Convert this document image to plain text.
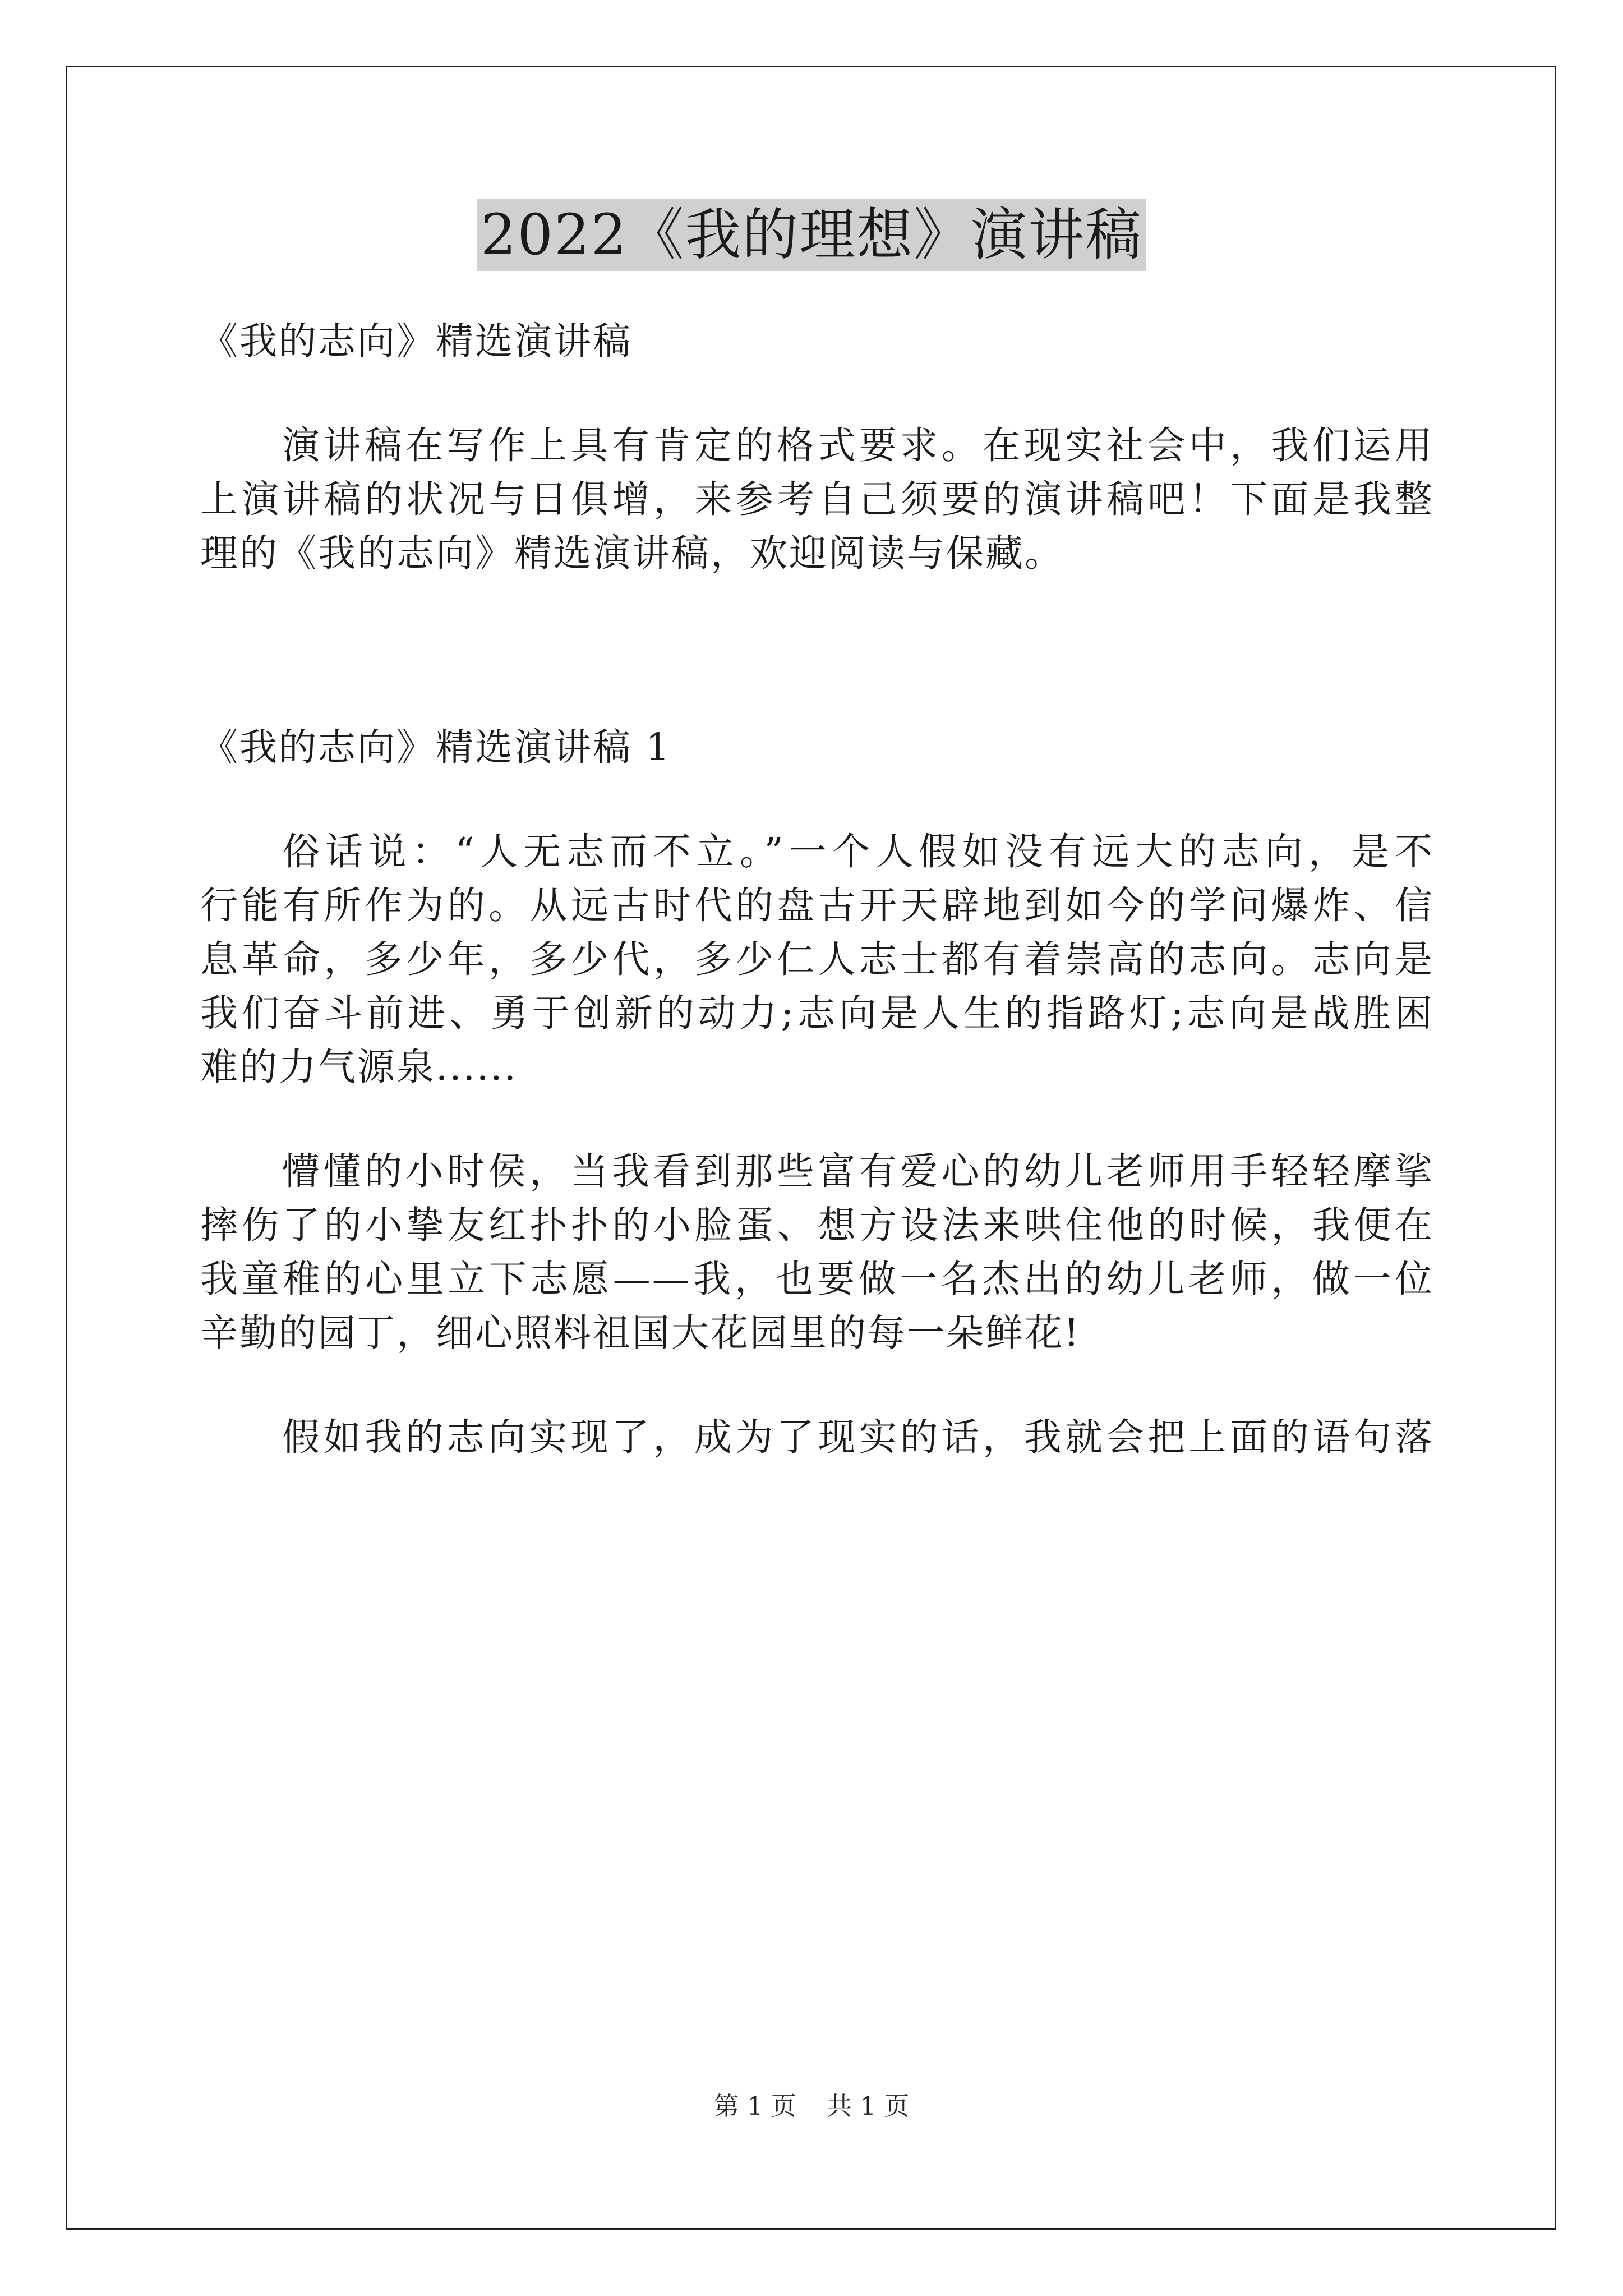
2022《我的理想》演讲稿
《我的志向》精选演讲稿
演讲稿在写作上具有肯定的格式要求。在现实社会中，我们运用
上演讲稿的状况与日俱增，来参考自己须要的演讲稿吧！下面是我整
理的《我的志向》精选演讲稿，欢迎阅读与保藏。
《我的志向》精选演讲稿 1
俗话说：“人无志而不立。”一个人假如没有远大的志向，是不
行能有所作为的。从远古时代的盘古开天辟地到如今的学问爆炸、信
息革命，多少年，多少代，多少仁人志士都有着崇高的志向。志向是
我们奋斗前进、勇于创新的动力;志向是人生的指路灯;志向是战胜困
难的力气源泉......
懵懂的小时侯，当我看到那些富有爱心的幼儿老师用手轻轻摩挲
摔伤了的小挚友红扑扑的小脸蛋、想方设法来哄住他的时候，我便在
我童稚的心里立下志愿——我，也要做一名杰出的幼儿老师，做一位
辛勤的园丁，细心照料祖国大花园里的每一朵鲜花!
假如我的志向实现了，成为了现实的话，我就会把上面的语句落
第 1 页 共 1 页
